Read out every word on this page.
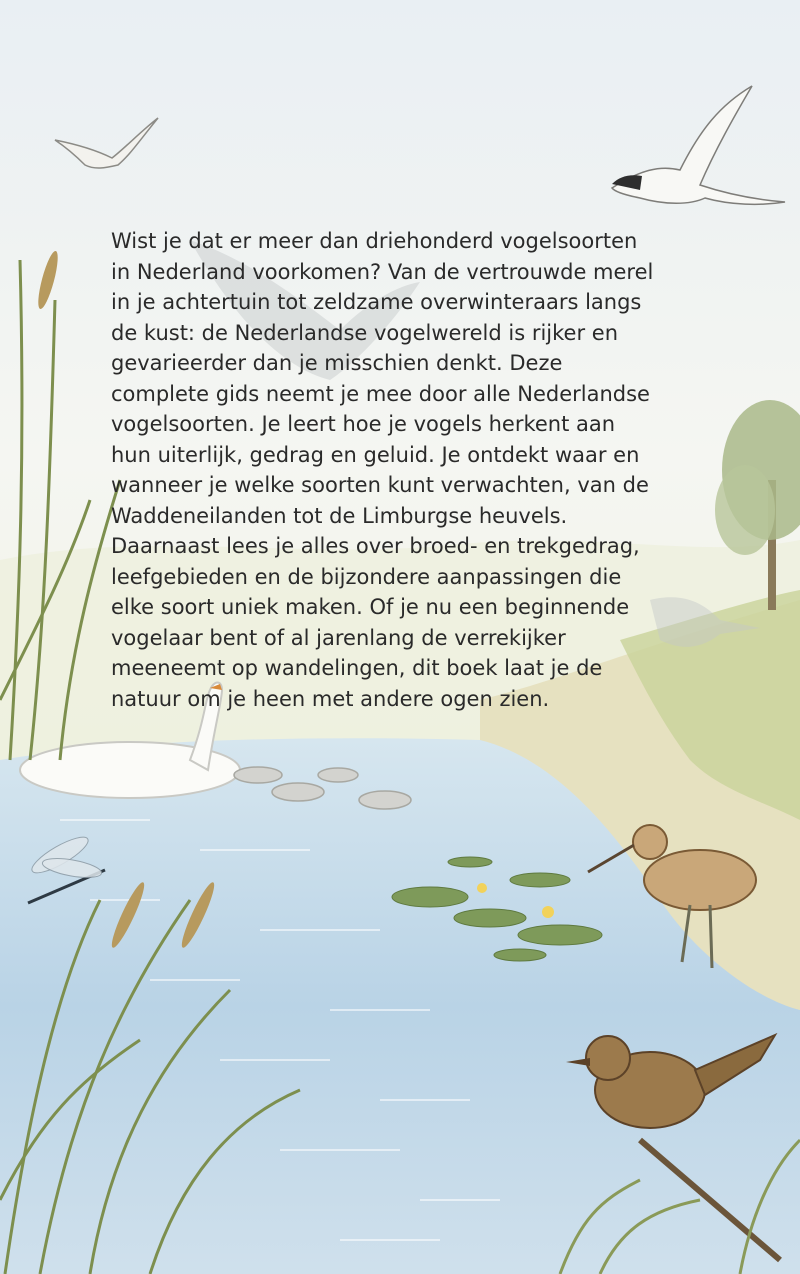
Wist je dat er meer dan driehonderd vogelsoorten
in Nederland voorkomen? Van de vertrouwde merel
in je achtertuin tot zeldzame overwinteraars langs
de kust: de Nederlandse vogelwereld is rijker en
gevarieerder dan je misschien denkt. Deze
complete gids neemt je mee door alle Nederlandse
vogelsoorten. Je leert hoe je vogels herkent aan
hun uiterlijk, gedrag en geluid. Je ontdekt waar en
wanneer je welke soorten kunt verwachten, van de
Waddeneilanden tot de Limburgse heuvels.
Daarnaast lees je alles over broed- en trekgedrag,
leefgebieden en de bijzondere aanpassingen die
elke soort uniek maken. Of je nu een beginnende
vogelaar bent of al jarenlang de verrekijker
meeneemt op wandelingen, dit boek laat je de
natuur om je heen met andere ogen zien.
